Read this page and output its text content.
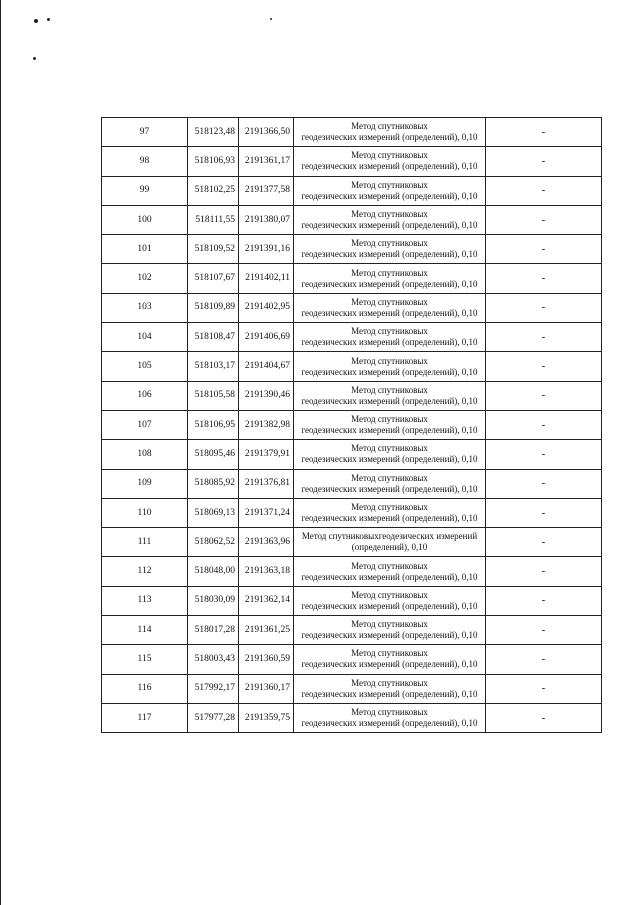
97	518123,48	2191366,50	Метод спутниковых
геодезических измерений (определений), 0,10	-
98	518106,93	2191361,17	Метод спутниковых
геодезических измерений (определений), 0,10	-
99	518102,25	2191377,58	Метод спутниковых
геодезических измерений (определений), 0,10	-
100	518111,55	2191380,07	Метод спутниковых
геодезических измерений (определений), 0,10	-
101	518109,52	2191391,16	Метод спутниковых
геодезических измерений (определений), 0,10	-
102	518107,67	2191402,11	Метод спутниковых
геодезических измерений (определений), 0,10	-
103	518109,89	2191402,95	Метод спутниковых
геодезических измерений (определений), 0,10	-
104	518108,47	2191406,69	Метод спутниковых
геодезических измерений (определений), 0,10	-
105	518103,17	2191404,67	Метод спутниковых
геодезических измерений (определений), 0,10	-
106	518105,58	2191390,46	Метод спутниковых
геодезических измерений (определений), 0,10	-
107	518106,95	2191382,98	Метод спутниковых
геодезических измерений (определений), 0,10	-
108	518095,46	2191379,91	Метод спутниковых
геодезических измерений (определений), 0,10	-
109	518085,92	2191376,81	Метод спутниковых
геодезических измерений (определений), 0,10	-
110	518069,13	2191371,24	Метод спутниковых
геодезических измерений (определений), 0,10	-
111	518062,52	2191363,96	Метод спутниковыхгеодезических измерений
(определений), 0,10	-
112	518048,00	2191363,18	Метод спутниковых
геодезических измерений (определений), 0,10	-
113	518030,09	2191362,14	Метод спутниковых
геодезических измерений (определений), 0,10	-
114	518017,28	2191361,25	Метод спутниковых
геодезических измерений (определений), 0,10	-
115	518003,43	2191360,59	Метод спутниковых
геодезических измерений (определений), 0,10	-
116	517992,17	2191360,17	Метод спутниковых
геодезических измерений (определений), 0,10	-
117	517977,28	2191359,75	Метод спутниковых
геодезических измерений (определений), 0,10	-
